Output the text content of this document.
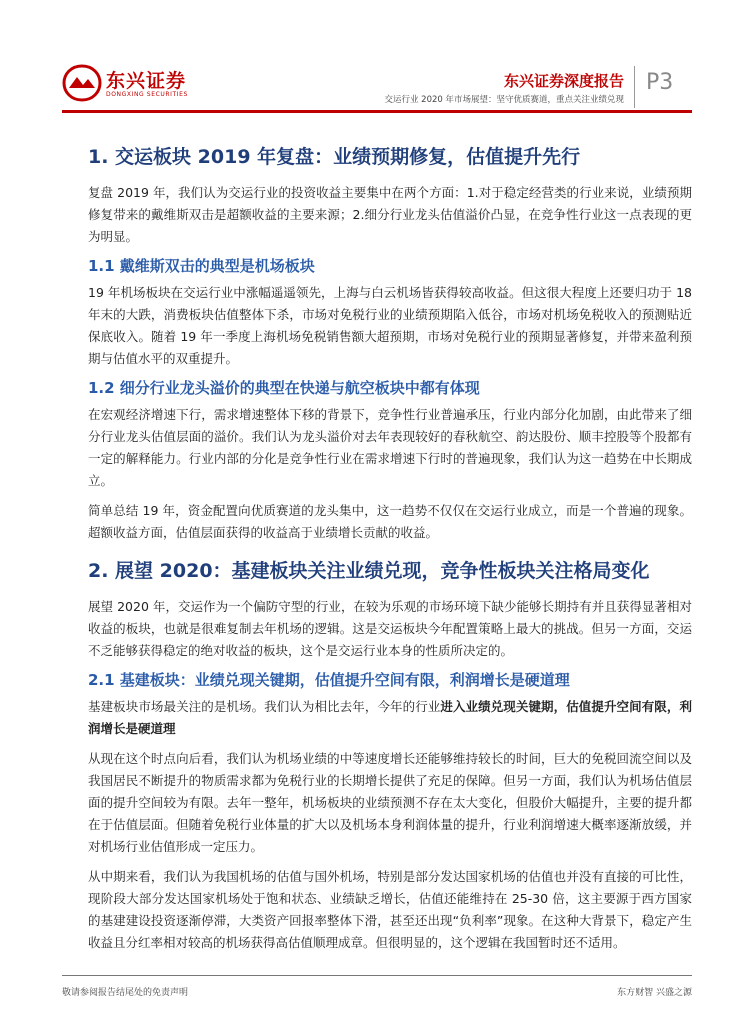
东兴证券
DONGXING SECURITIES
东兴证券深度报告
交运行业 2020 年市场展望：坚守优质赛道，重点关注业绩兑现
P3
1. 交运板块 2019 年复盘：业绩预期修复，估值提升先行

复盘 2019 年，我们认为交运行业的投资收益主要集中在两个方面：1.对于稳定经营类的行业来说，业绩预期修复带来的戴维斯双击是超额收益的主要来源；2.细分行业龙头估值溢价凸显，在竞争性行业这一点表现的更为明显。

1.1 戴维斯双击的典型是机场板块

19 年机场板块在交运行业中涨幅遥遥领先，上海与白云机场皆获得较高收益。但这很大程度上还要归功于 18 年末的大跌，消费板块估值整体下杀，市场对免税行业的业绩预期陷入低谷，市场对机场免税收入的预测贴近保底收入。随着 19 年一季度上海机场免税销售额大超预期，市场对免税行业的预期显著修复，并带来盈利预期与估值水平的双重提升。

1.2 细分行业龙头溢价的典型在快递与航空板块中都有体现

在宏观经济增速下行，需求增速整体下移的背景下，竞争性行业普遍承压，行业内部分化加剧，由此带来了细分行业龙头估值层面的溢价。我们认为龙头溢价对去年表现较好的春秋航空、韵达股份、顺丰控股等个股都有一定的解释能力。行业内部的分化是竞争性行业在需求增速下行时的普遍现象，我们认为这一趋势在中长期成立。

简单总结 19 年，资金配置向优质赛道的龙头集中，这一趋势不仅仅在交运行业成立，而是一个普遍的现象。超额收益方面，估值层面获得的收益高于业绩增长贡献的收益。

2. 展望 2020：基建板块关注业绩兑现，竞争性板块关注格局变化

展望 2020 年，交运作为一个偏防守型的行业，在较为乐观的市场环境下缺少能够长期持有并且获得显著相对收益的板块，也就是很难复制去年机场的逻辑。这是交运板块今年配置策略上最大的挑战。但另一方面，交运不乏能够获得稳定的绝对收益的板块，这个是交运行业本身的性质所决定的。

2.1 基建板块：业绩兑现关键期，估值提升空间有限，利润增长是硬道理

基建板块市场最关注的是机场。我们认为相比去年，今年的行业进入业绩兑现关键期，估值提升空间有限，利润增长是硬道理

从现在这个时点向后看，我们认为机场业绩的中等速度增长还能够维持较长的时间，巨大的免税回流空间以及我国居民不断提升的物质需求都为免税行业的长期增长提供了充足的保障。但另一方面，我们认为机场估值层面的提升空间较为有限。去年一整年，机场板块的业绩预测不存在太大变化，但股价大幅提升，主要的提升都在于估值层面。但随着免税行业体量的扩大以及机场本身利润体量的提升，行业利润增速大概率逐渐放缓，并对机场行业估值形成一定压力。

从中期来看，我们认为我国机场的估值与国外机场，特别是部分发达国家机场的估值也并没有直接的可比性，现阶段大部分发达国家机场处于饱和状态、业绩缺乏增长，估值还能维持在 25-30 倍，这主要源于西方国家的基建建设投资逐渐停滞，大类资产回报率整体下滑，甚至还出现“负利率”现象。在这种大背景下，稳定产生收益且分红率相对较高的机场获得高估值顺理成章。但很明显的，这个逻辑在我国暂时还不适用。

敬请参阅报告结尾处的免责声明	东方财智 兴盛之源
